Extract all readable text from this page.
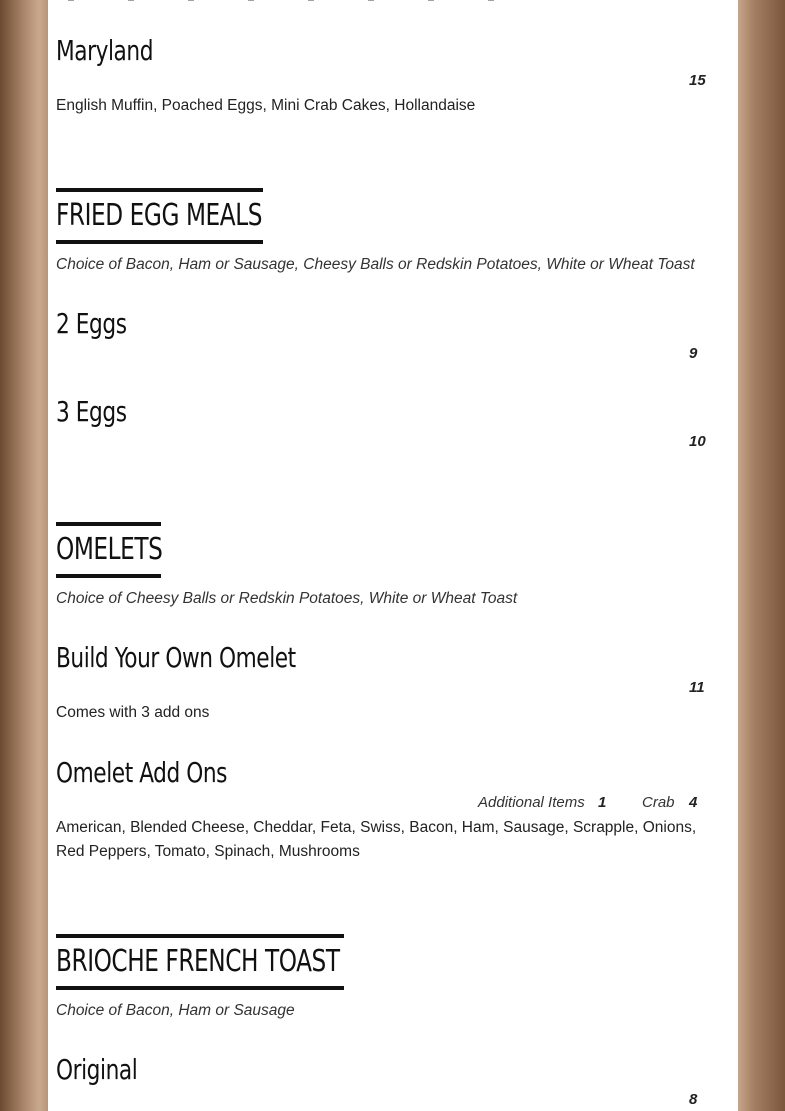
Maryland
15
English Muffin, Poached Eggs, Mini Crab Cakes, Hollandaise
FRIED EGG MEALS
Choice of Bacon, Ham or Sausage, Cheesy Balls or Redskin Potatoes, White or Wheat Toast
2 Eggs
9
3 Eggs
10
OMELETS
Choice of Cheesy Balls or Redskin Potatoes, White or Wheat Toast
Build Your Own Omelet
11
Comes with 3 add ons
Omelet Add Ons
Additional Items 1 Crab 4
American, Blended Cheese, Cheddar, Feta, Swiss, Bacon, Ham, Sausage, Scrapple, Onions, Red Peppers, Tomato, Spinach, Mushrooms
BRIOCHE FRENCH TOAST
Choice of Bacon, Ham or Sausage
Original
8
